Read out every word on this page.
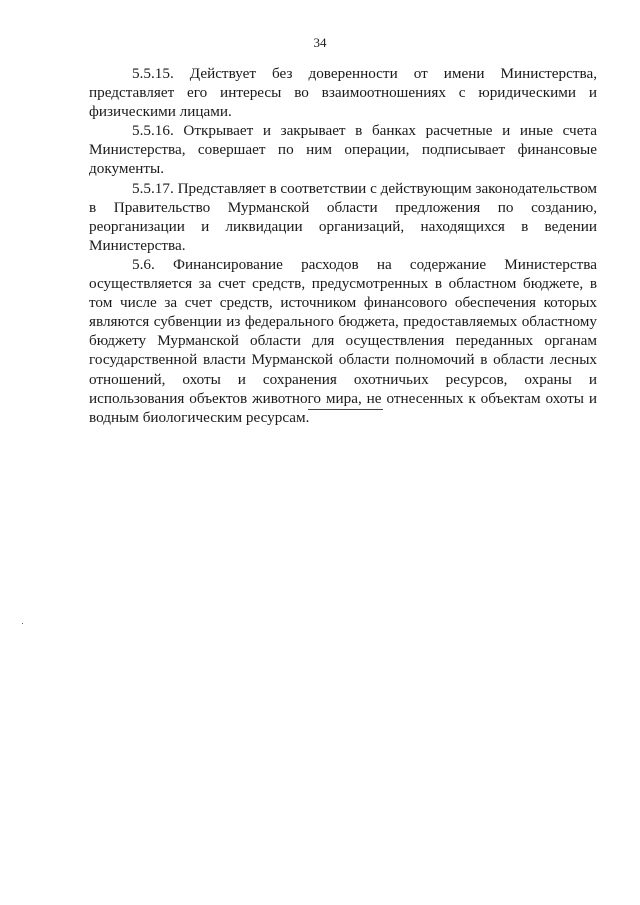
34

5.5.15. Действует без доверенности от имени Министерства, представляет его интересы во взаимоотношениях с юридическими и физическими лицами.

5.5.16. Открывает и закрывает в банках расчетные и иные счета Министерства, совершает по ним операции, подписывает финансовые документы.

5.5.17. Представляет в соответствии с действующим законодательством в Правительство Мурманской области предложения по созданию, реорганизации и ликвидации организаций, находящихся в ведении Министерства.

5.6. Финансирование расходов на содержание Министерства осуществляется за счет средств, предусмотренных в областном бюджете, в том числе за счет средств, источником финансового обеспечения которых являются субвенции из федерального бюджета, предоставляемых областному бюджету Мурманской области для осуществления переданных органам государственной власти Мурманской области полномочий в области лесных отношений, охоты и сохранения охотничьих ресурсов, охраны и использования объектов животного мира, не отнесенных к объектам охоты и водным биологическим ресурсам.
